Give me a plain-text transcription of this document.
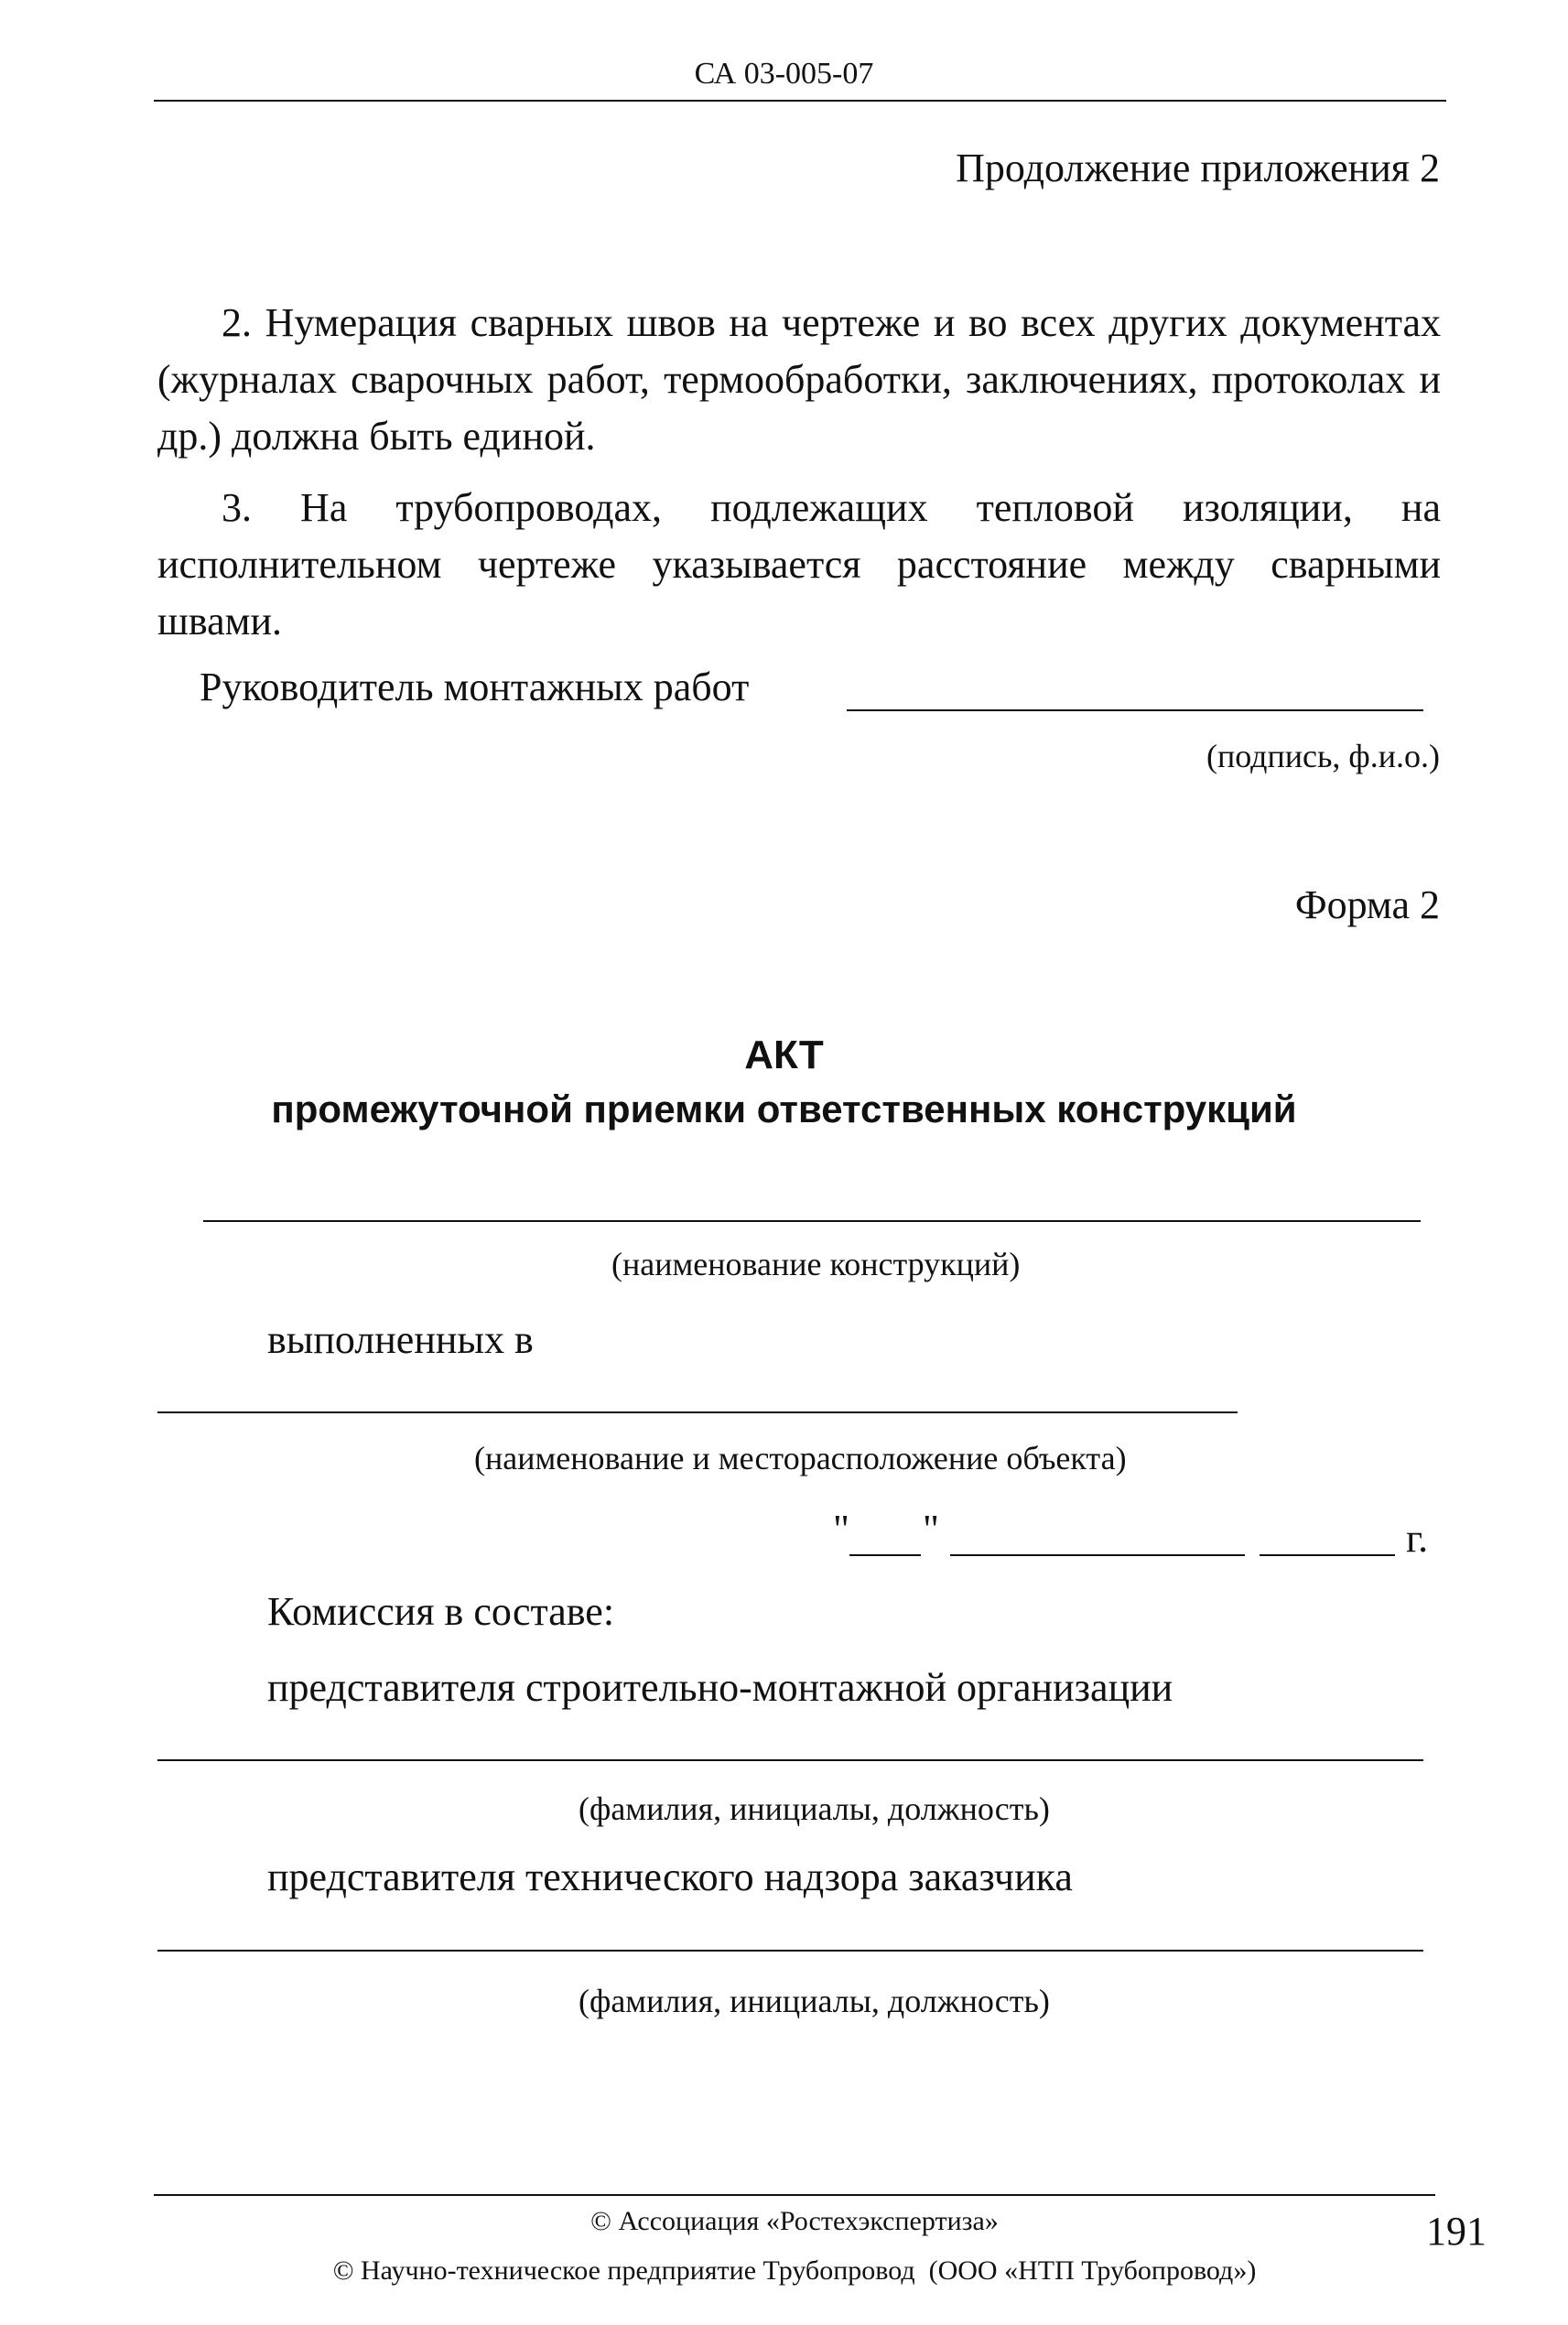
СА 03-005-07
Продолжение приложения 2
2. Нумерация сварных швов на чертеже и во всех других документах (журналах сварочных работ, термообработки, заключениях, протоколах и др.) должна быть единой.
3. На трубопроводах, подлежащих тепловой изоляции, на исполнительном чертеже указывается расстояние между сварными швами.
Руководитель монтажных работ
(подпись, ф.и.о.)
Форма 2
АКТ
промежуточной приемки ответственных конструкций
(наименование конструкций)
выполненных в
(наименование и месторасположение объекта)
" "	г.
Комиссия в составе:
представителя строительно-монтажной организации
(фамилия, инициалы, должность)
представителя технического надзора заказчика
(фамилия, инициалы, должность)
© Ассоциация «Ростехэкспертиза»
© Научно-техническое предприятие Трубопровод  (ООО «НТП Трубопровод»)
191
